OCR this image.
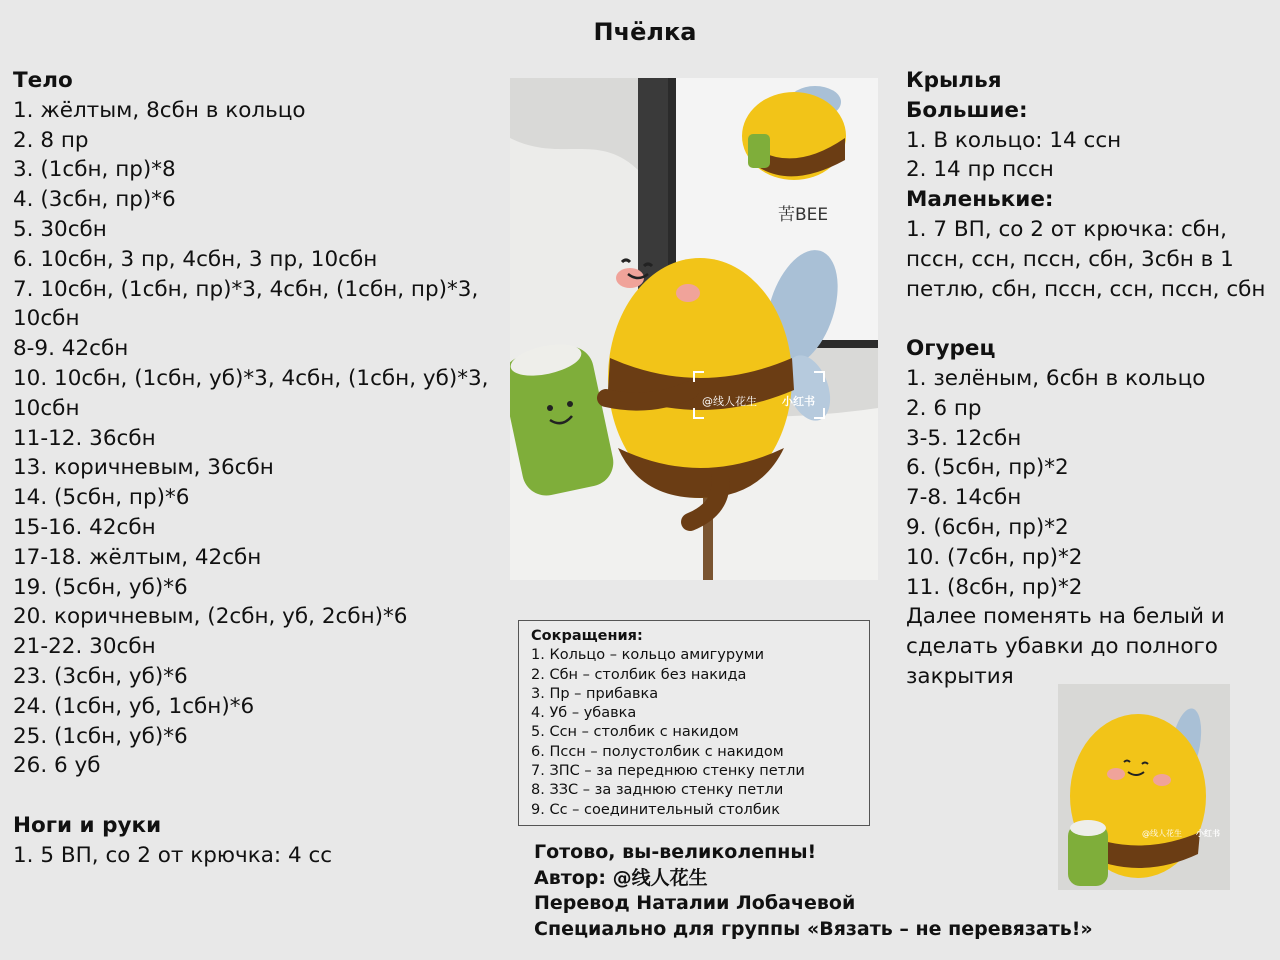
Пчёлка
Тело
1. жёлтым, 8сбн в кольцо
2. 8 пр
3. (1сбн, пр)*8
4. (3сбн, пр)*6
5. 30сбн
6. 10сбн, 3 пр, 4сбн, 3 пр, 10сбн
7. 10сбн, (1сбн, пр)*3, 4сбн, (1сбн, пр)*3,
10сбн
8-9. 42сбн
10. 10сбн, (1сбн, уб)*3, 4сбн, (1сбн, уб)*3,
10сбн
11-12. 36сбн
13. коричневым, 36сбн
14. (5сбн, пр)*6
15-16. 42сбн
17-18. жёлтым, 42сбн
19. (5сбн, уб)*6
20. коричневым, (2сбн, уб, 2сбн)*6
21-22. 30сбн
23. (3сбн, уб)*6
24. (1сбн, уб, 1сбн)*6
25. (1сбн, уб)*6
26. 6 уб
Ноги и руки
1. 5 ВП, со 2 от крючка: 4 сс
苦BEE
@线人花生 小红书
Крылья
Большие:
1. В кольцо: 14 ссн
2. 14 пр пссн
Маленькие:
1. 7 ВП, со 2 от крючка: сбн,
пссн, ссн, пссн, сбн, 3сбн в 1
петлю, сбн, пссн, ссн, пссн, сбн
Огурец
1. зелёным, 6сбн в кольцо
2. 6 пр
3-5. 12сбн
6. (5сбн, пр)*2
7-8. 14сбн
9. (6сбн, пр)*2
10. (7сбн, пр)*2
11. (8сбн, пр)*2
Далее поменять на белый и сделать убавки до полного закрытия
@线人花生 小红书
Сокращения:
1. Кольцо – кольцо амигуруми
2. Сбн – столбик без накида
3. Пр – прибавка
4. Уб – убавка
5. Ссн – столбик с накидом
6. Пссн – полустолбик с накидом
7. ЗПС – за переднюю стенку петли
8. ЗЗС – за заднюю стенку петли
9. Сс – соединительный столбик
Готово, вы-великолепны!
Автор: @线人花生
Перевод Наталии Лобачевой
Специально для группы «Вязать – не перевязать!»
